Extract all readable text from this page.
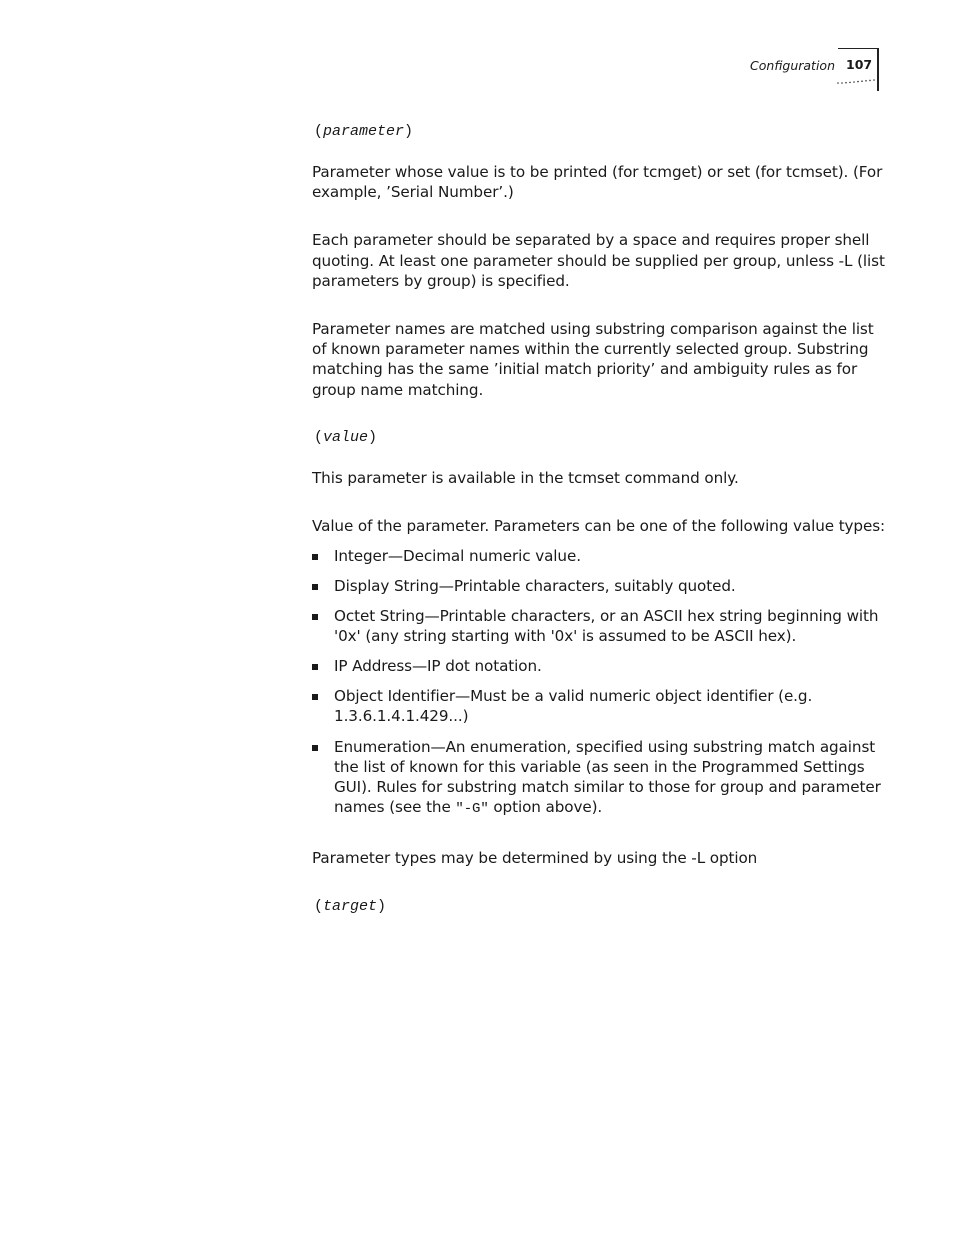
Configuration 107
(parameter)

Parameter whose value is to be printed (for tcmget) or set (for tcmset). (For example, ’Serial Number’.)

Each parameter should be separated by a space and requires proper shell quoting. At least one parameter should be supplied per group, unless -L (list parameters by group) is specified.

Parameter names are matched using substring comparison against the list of known parameter names within the currently selected group. Substring matching has the same ’initial match priority’ and ambiguity rules as for group name matching.

(value)

This parameter is available in the tcmset command only.

Value of the parameter. Parameters can be one of the following value types:

Integer—Decimal numeric value.
Display String—Printable characters, suitably quoted.
Octet String—Printable characters, or an ASCII hex string beginning with '0x' (any string starting with '0x' is assumed to be ASCII hex).
IP Address—IP dot notation.
Object Identifier—Must be a valid numeric object identifier (e.g. 1.3.6.1.4.1.429...)
Enumeration—An enumeration, specified using substring match against the list of known for this variable (as seen in the Programmed Settings GUI). Rules for substring match similar to those for group and parameter names (see the "-G" option above).

Parameter types may be determined by using the -L option

(target)
